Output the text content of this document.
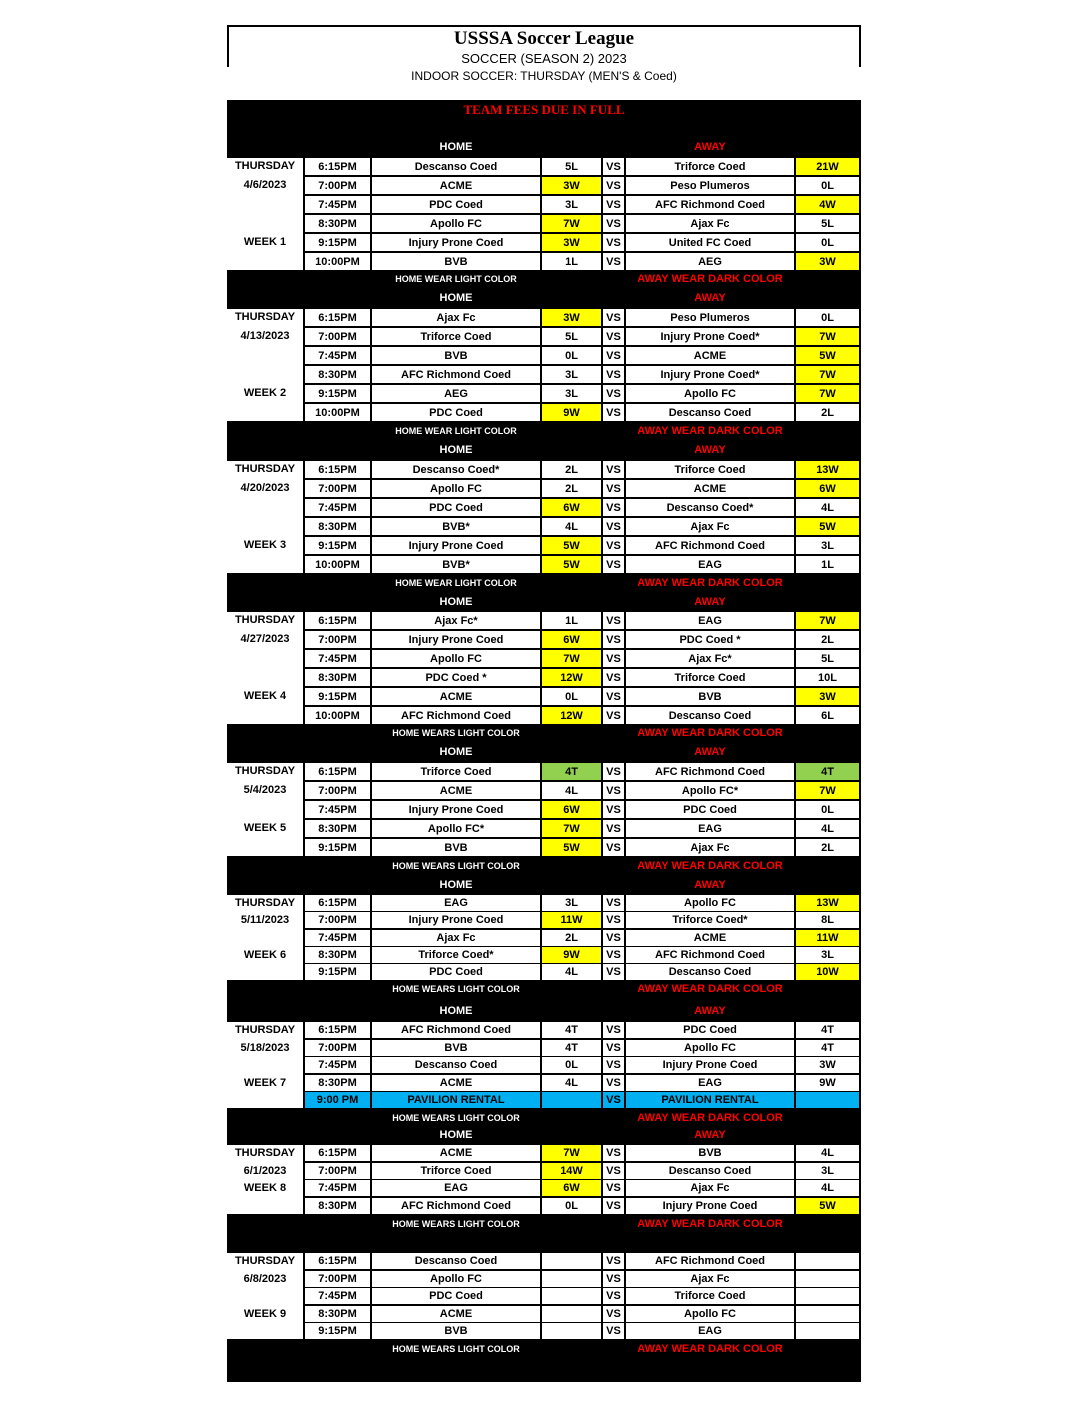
USSSA Soccer League
SOCCER (SEASON 2) 2023
INDOOR SOCCER: THURSDAY (MEN'S & Coed)
TEAM FEES DUE IN FULL
HOME	AWAY
THURSDAY
4/6/2023
WEEK 1
6:15PM	Descanso Coed	5L	VS	Triforce Coed	21W
7:00PM	ACME	3W	VS	Peso Plumeros	0L
7:45PM	PDC Coed	3L	VS	AFC Richmond Coed	4W
8:30PM	Apollo FC	7W	VS	Ajax Fc	5L
9:15PM	Injury Prone Coed	3W	VS	United FC Coed	0L
10:00PM	BVB	1L	VS	AEG	3W
HOME WEAR LIGHT COLOR	AWAY WEAR DARK COLOR
HOME	AWAY
THURSDAY
4/13/2023
WEEK 2
6:15PM	Ajax Fc	3W	VS	Peso Plumeros	0L
7:00PM	Triforce Coed	5L	VS	Injury Prone Coed*	7W
7:45PM	BVB	0L	VS	ACME	5W
8:30PM	AFC Richmond Coed	3L	VS	Injury Prone Coed*	7W
9:15PM	AEG	3L	VS	Apollo FC	7W
10:00PM	PDC Coed	9W	VS	Descanso Coed	2L
HOME WEAR LIGHT COLOR	AWAY WEAR DARK COLOR
HOME	AWAY
THURSDAY
4/20/2023
WEEK 3
6:15PM	Descanso Coed*	2L	VS	Triforce Coed	13W
7:00PM	Apollo FC	2L	VS	ACME	6W
7:45PM	PDC Coed	6W	VS	Descanso Coed*	4L
8:30PM	BVB*	4L	VS	Ajax Fc	5W
9:15PM	Injury Prone Coed	5W	VS	AFC Richmond Coed	3L
10:00PM	BVB*	5W	VS	EAG	1L
HOME WEAR LIGHT COLOR	AWAY WEAR DARK COLOR
HOME	AWAY
THURSDAY
4/27/2023
WEEK 4
6:15PM	Ajax Fc*	1L	VS	EAG	7W
7:00PM	Injury Prone Coed	6W	VS	PDC Coed *	2L
7:45PM	Apollo FC	7W	VS	Ajax Fc*	5L
8:30PM	PDC Coed *	12W	VS	Triforce Coed	10L
9:15PM	ACME	0L	VS	BVB	3W
10:00PM	AFC Richmond Coed	12W	VS	Descanso Coed	6L
HOME WEARS LIGHT COLOR	AWAY WEAR DARK COLOR
HOME	AWAY
THURSDAY
5/4/2023
WEEK 5
6:15PM	Triforce Coed	4T	VS	AFC Richmond Coed	4T
7:00PM	ACME	4L	VS	Apollo FC*	7W
7:45PM	Injury Prone Coed	6W	VS	PDC Coed	0L
8:30PM	Apollo FC*	7W	VS	EAG	4L
9:15PM	BVB	5W	VS	Ajax Fc	2L
HOME WEARS LIGHT COLOR	AWAY WEAR DARK COLOR
HOME	AWAY
THURSDAY
5/11/2023
WEEK 6
6:15PM	EAG	3L	VS	Apollo FC	13W
7:00PM	Injury Prone Coed	11W	VS	Triforce Coed*	8L
7:45PM	Ajax Fc	2L	VS	ACME	11W
8:30PM	Triforce Coed*	9W	VS	AFC Richmond Coed	3L
9:15PM	PDC Coed	4L	VS	Descanso Coed	10W
HOME WEARS LIGHT COLOR	AWAY WEAR DARK COLOR
HOME	AWAY
THURSDAY
5/18/2023
WEEK 7
6:15PM	AFC Richmond Coed	4T	VS	PDC Coed	4T
7:00PM	BVB	4T	VS	Apollo FC	4T
7:45PM	Descanso Coed	0L	VS	Injury Prone Coed	3W
8:30PM	ACME	4L	VS	EAG	9W
9:00 PM	PAVILION RENTAL	VS	PAVILION RENTAL
HOME WEARS LIGHT COLOR	AWAY WEAR DARK COLOR
HOME	AWAY
THURSDAY
6/1/2023
WEEK 8
6:15PM	ACME	7W	VS	BVB	4L
7:00PM	Triforce Coed	14W	VS	Descanso Coed	3L
7:45PM	EAG	6W	VS	Ajax Fc	4L
8:30PM	AFC Richmond Coed	0L	VS	Injury Prone Coed	5W
HOME WEARS LIGHT COLOR	AWAY WEAR DARK COLOR
THURSDAY
6/8/2023
WEEK 9
6:15PM	Descanso Coed	VS	AFC Richmond Coed
7:00PM	Apollo FC	VS	Ajax Fc
7:45PM	PDC Coed	VS	Triforce Coed
8:30PM	ACME	VS	Apollo FC
9:15PM	BVB	VS	EAG
HOME WEARS LIGHT COLOR	AWAY WEAR DARK COLOR
